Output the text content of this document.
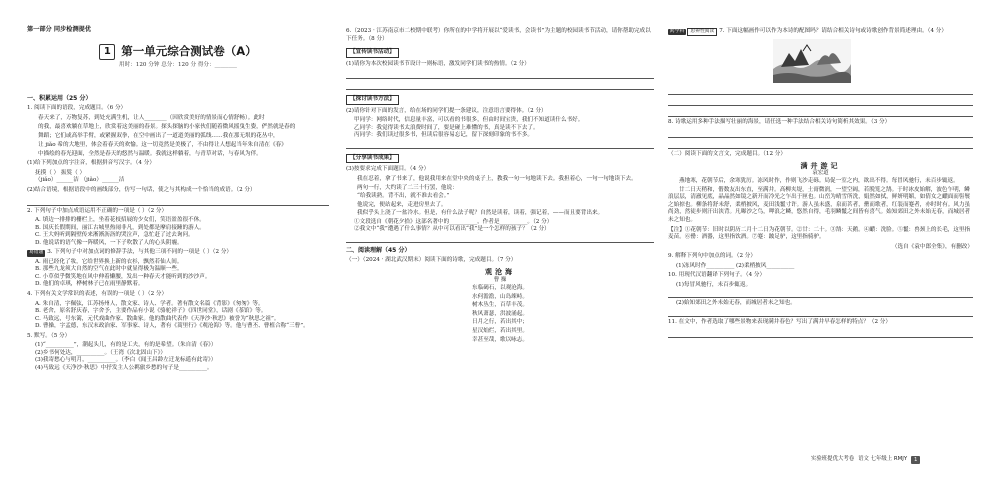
第一部分 同步检测提优
1 第一单元综合测试卷（A）
用时：120 分钟 总分：120 分 得分：________
一、积累运用（25 分）
1. 阅读下面的语段，完成题目。（6 分）
春天来了，万物复苏，到处充满生机，让人________（因欣赏美好的情景而心情舒畅）。此时
的我，最喜欢躺在草地上，欣赏着这美丽的春景。探头探脑的小家伙们随着微风摇曳生姿，俨然就是春的
舞蹈；它们或高举手臂，或紧握双拳，在空中画出了一道道美丽的弧线……我在那无垠的花丛中，
让 jiǎo 希的大地里，体会着春天的欢愉。这一切竟然是美极了，不由得让人想起当年朱自清在《春》
中描绘的春光迎面，全然是春天的悠然与温暖。我就这样躺着，与青草对话，与春风为伴。
(1)给下列加点的字注音，根据拼音写汉字。（4 分）
抚摸（ ） 振髮（ ）
（jiǎo）______洁 （jiǎo）______洁
(2)结合语境，根据语段中的画线部分，仿写一句话，使之与其构成一个恰当的成语。（2 分）
2. 下列句子中加点成语运用不正确的一项是（ ）（2 分）
A. 填边一排排的栅栏上，坐着花枝招展的少女们，笑语盈盈很不休。
B. 国庆长假期间，丽江古城里热闹非凡，到处都是摩肩接踵的游人。
C. 王大妈听到隔壁传来淅淅沥沥的哭泣声，急忙赶了过去询问。
D. 他说话的语气像一阵暖风，一下子吹散了人的心头阴霾。
易错题 3. 下列句子中对加点词的修辞手法，与其他三项不同的一项是（ ）（2 分）
A. 雨已经化了妆，它给世界换上新的衣衫，飘然若仙人间。
B. 那些九龙须大自然的空气在此时中就显得极为温顺一些。
C. 小草似乎微笑地在风中伸着懒腰，发出一种春天才能听到的沙沙声。
D. 他们的卓琪，桦树林子已在雨里静默着。
4. 下列有关文学常识的表述，有误的一项是（ ）（2 分）
A. 朱自清，字佩弦，江苏扬州人，散文家、诗人、学者。著有散文名篇《背影》《匆匆》等。
B. 老舍，原名舒庆春，字舍予，主要作品有小说《骆驼祥子》《四世同堂》，话剧《茶馆》等。
C. 马致远，号东篱，元代戏曲作家、散曲家。他的散曲代表作《天净沙·秋思》被誉为“秋思之祖”。
D. 曹操，字孟德，东汉末政治家、军事家、诗人，著有《蒿里行》《观沧海》等。他与曹丕、曹植合称“三曹”。
5. 默写。（5 分）
(1)“__________”，潮起头儿，有的是工夫，有的是希望。（朱自清《春》）
(2)乡书何处达，__________。（王湾《次北固山下》）
(3)我寄愁心与明月，__________。（李白《闻王昌龄左迁龙标遥有此寄》）
(4)马致远《天净沙·秋思》中抒发主人公羁旅乡愁的句子是__________。
6.（2023 · 江苏南京市二校期中联考）你所在的中学将开展以“爱读书，会读书”为主题的校园读书节活动，请你帮助完成以下任务。（8 分）
【宣传读书活动】
(1)请你为本次校园读书节设计一则标语，激发同学们读书的热情。（2 分）
【探讨读书方法】
(2)请你针对下面的发言，给在场的同学们提一条建议，注意语言要得体。（2 分）
甲同学：网络时代，信息量丰富，可以看的书很多，但由时间宝贵，我们不知道读什么书好。
乙同学：我觉得读书太浪费时间了，要是碰上难懂的书，真是读不下去了。
丙同学：我们读过很多书，但读后很容易忘记，留下深刻印象的书不多。
【分享读书成果】
(3)按要求完成下面题目。（4 分）
我在忍着，拿了书来了，他说我用来在堂中央的桌子上，教我一句一句地读下去。我担着心，一句一句地读下去。
两句一行，大约读了二三十行罢，他说：
“给我读熟。背不出，就不准去看会。”
他说完，便站起来，走进房里去了。
我似乎头上浇了一盆冷水。但是，有什么法子呢？自然是读着，读着，强记着，——而且要背出来。
①文段选自《朝花夕拾》这部名著中的__________，作者是__________。（2 分）
②我文中“我”遭遇了什么事情？从中可以看出“我”是一个怎样的孩子？（2 分）
二、阅读理解（45 分）
（一）（2024 · 湖北武汉期末）阅读下面的诗歌，完成题目。（7 分）
观沧海
曹 操
东临碣石，以观沧海。
水何澹澹，山岛竦峙。
树木丛生，百草丰茂。
秋风萧瑟，洪波涌起。
日月之行，若出其中；
星汉灿烂，若出其里。
幸甚至哉，歌以咏志。
跨学科 思辨性阅读 7. 下面这幅画作可以作为本诗的配图吗？请结合相关诗句或诗歌创作背景简述理由。（4 分）
8. 诗歌运用多种手法描写壮丽的海景，请任选一种手法结合相关诗句简析其效果。（3 分）
（二）阅读下面的文言文，完成题目。（12 分）
满井游记
袁宏道
燕地寒，花朝节后，余寒犹厉。冻风时作，作则飞沙走砾。局促一室之内，欲出不得。每冒风驰行，未百步辄返。
廿二日天稍和，偕数友出东直，至满井。高柳夹堤，土膏微润，一望空阔，若脱笼之鹄。于时冰皮始解，波色乍明，鳞浪层层，清澈见底，晶晶然如镜之新开而冷光之乍出于匣也。山峦为晴雪所洗，娟然如拭，鲜妍明媚，如倩女之靧面而髻鬟之始掠也。柳条将舒未舒，柔梢披风，麦田浅鬣寸许。游人虽未盛，泉而茗者，罍而歌者，红装而蹇者，亦时时有。风力虽尚劲，然徒步则汗出浃背。凡曝沙之鸟，呷浪之鳞，悠然自得，毛羽鳞鬣之间皆有喜气。始知郊田之外未始无春，而城居者未之知也。
【注】①花朝节：旧时以阴历二月十二日为花朝节。②廿：二十。③鹄：天鹅。④靧：洗脸。⑤鬣：兽颈上的长毛，这里指麦苗。⑥罍：酒器，这里指饮酒。⑦蹇：跛足驴，这里指骑驴。
（选自《袁中郎全集》，有删改）
9. 解释下列句中加点的词。（2 分）
(1)冻风时作__________ (2)柔梢披风__________
10. 用现代汉语翻译下列句子。（4 分）
(1)每冒风驰行，未百步辄返。
(2)始知郊田之外未始无春，而城居者未之知也。
11. 在文中，作者选取了哪些景物来表现满井春色？写出了满井早春怎样的特点？（2 分）
实验班提优大考卷 语文 七年级上 RMJY	1
